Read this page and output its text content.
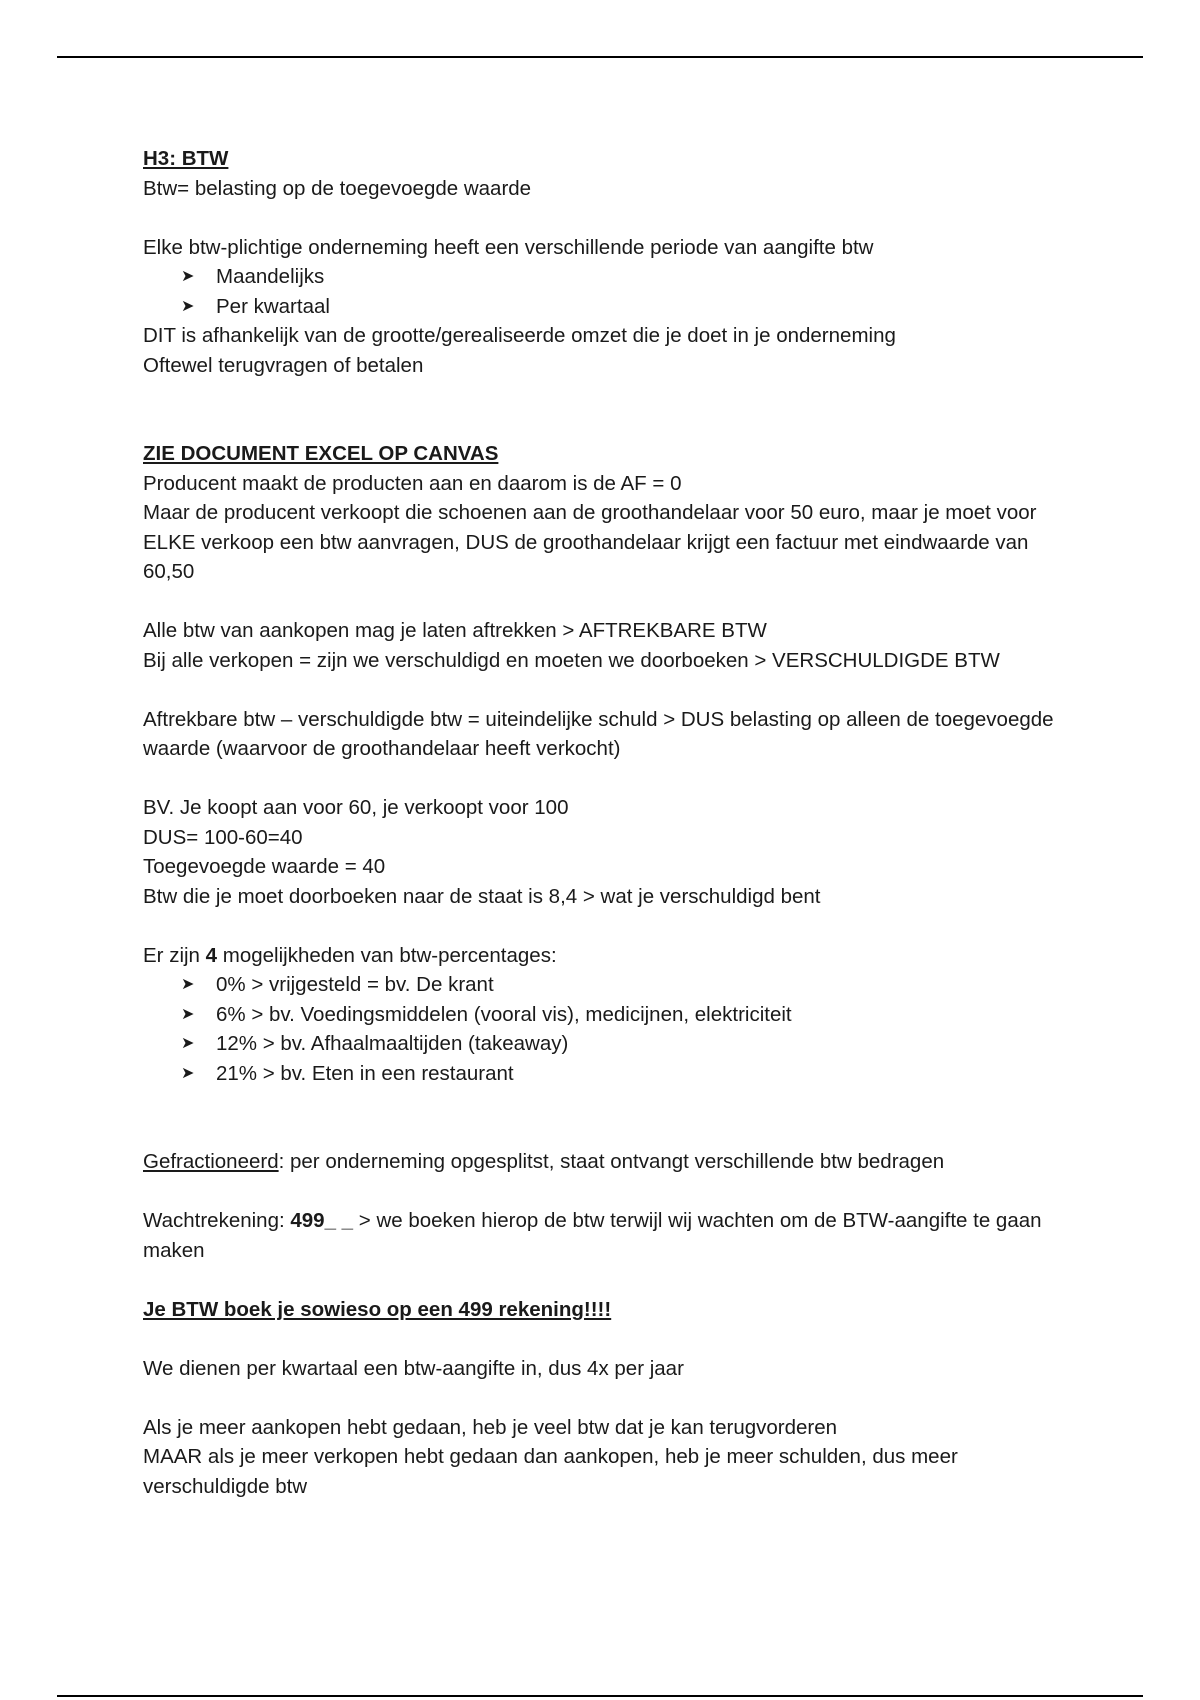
H3: BTW
Btw= belasting op de toegevoegde waarde
Elke btw-plichtige onderneming heeft een verschillende periode van aangifte btw
➤ Maandelijks
➤ Per kwartaal
DIT is afhankelijk van de grootte/gerealiseerde omzet die je doet in je onderneming
Oftewel terugvragen of betalen
ZIE DOCUMENT EXCEL OP CANVAS
Producent maakt de producten aan en daarom is de AF = 0
Maar de producent verkoopt die schoenen aan de groothandelaar voor 50 euro, maar je moet voor ELKE verkoop een btw aanvragen, DUS de groothandelaar krijgt een factuur met eindwaarde van 60,50
Alle btw van aankopen mag je laten aftrekken > AFTREKBARE BTW
Bij alle verkopen = zijn we verschuldigd en moeten we doorboeken > VERSCHULDIGDE BTW
Aftrekbare btw – verschuldigde btw = uiteindelijke schuld > DUS belasting op alleen de toegevoegde waarde (waarvoor de groothandelaar heeft verkocht)
BV. Je koopt aan voor 60, je verkoopt voor 100
DUS= 100-60=40
Toegevoegde waarde = 40
Btw die je moet doorboeken naar de staat is 8,4 > wat je verschuldigd bent
Er zijn 4 mogelijkheden van btw-percentages:
➤ 0% > vrijgesteld = bv. De krant
➤ 6% > bv. Voedingsmiddelen (vooral vis), medicijnen, elektriciteit
➤ 12% > bv. Afhaalmaaltijden (takeaway)
➤ 21% > bv. Eten in een restaurant
Gefractioneerd: per onderneming opgesplitst, staat ontvangt verschillende btw bedragen
Wachtrekening: 499_ _ > we boeken hierop de btw terwijl wij wachten om de BTW-aangifte te gaan maken
Je BTW boek je sowieso op een 499 rekening!!!!
We dienen per kwartaal een btw-aangifte in, dus 4x per jaar
Als je meer aankopen hebt gedaan, heb je veel btw dat je kan terugvorderen
MAAR als je meer verkopen hebt gedaan dan aankopen, heb je meer schulden, dus meer verschuldigde btw
